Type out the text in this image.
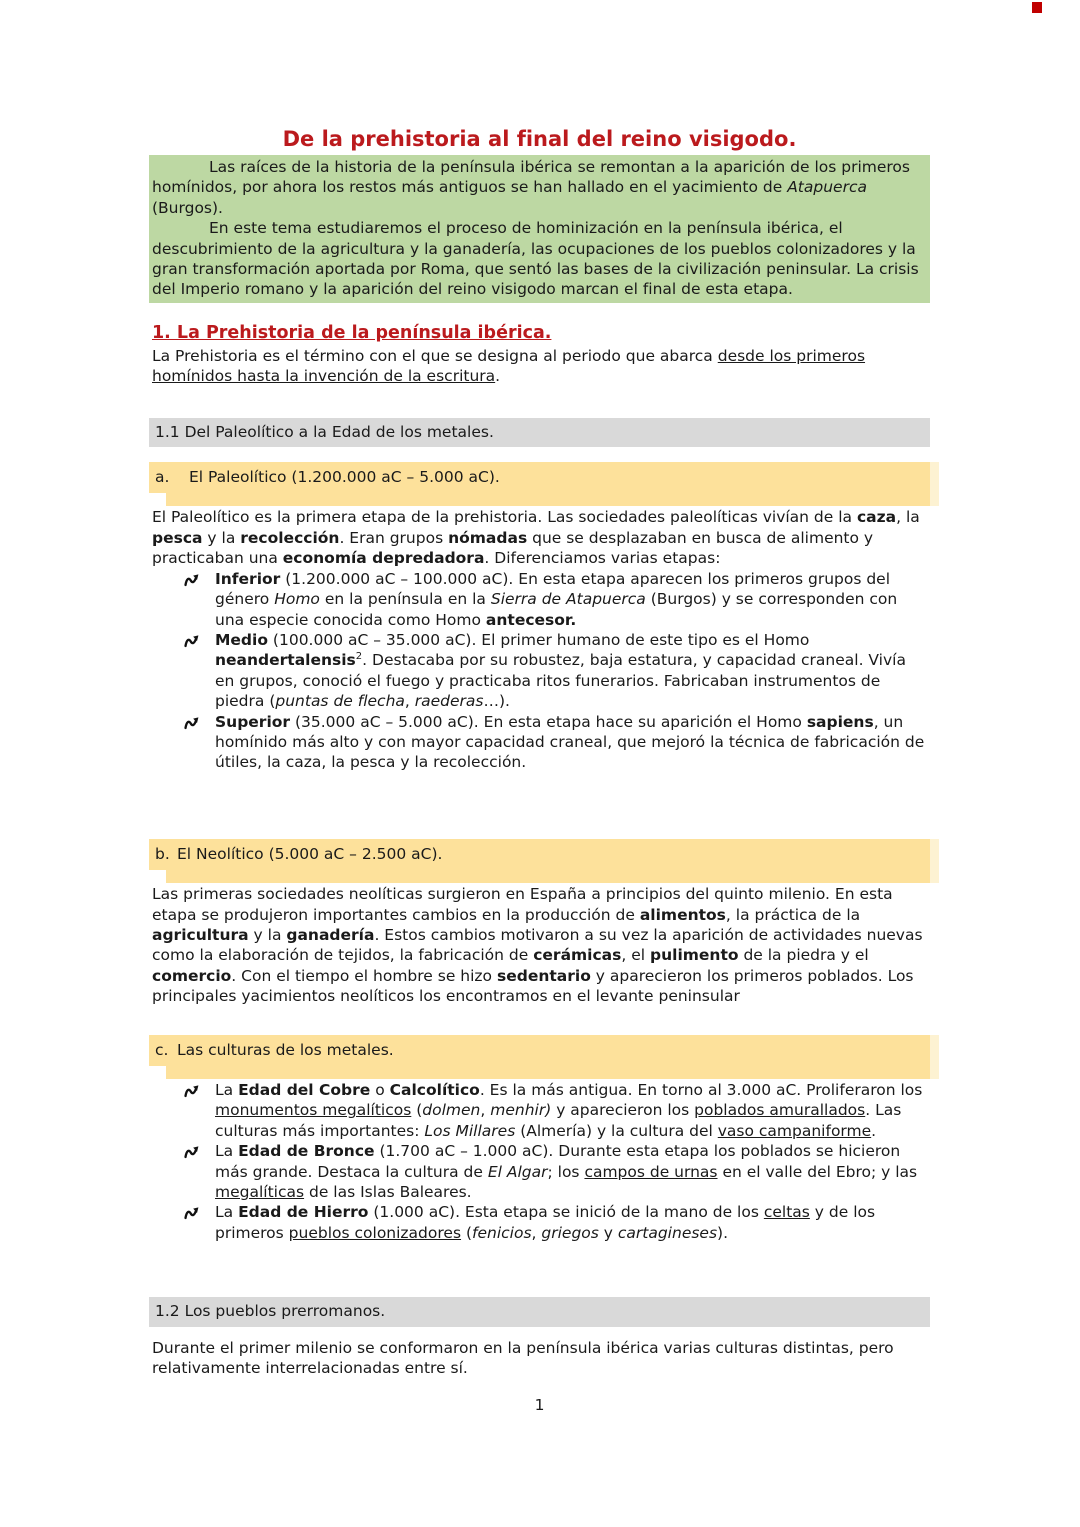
De la prehistoria al final del reino visigodo.

Las raíces de la historia de la península ibérica se remontan a la aparición de los primeros homínidos, por ahora los restos más antiguos se han hallado en el yacimiento de Atapuerca (Burgos).

En este tema estudiaremos el proceso de hominización en la península ibérica, el descubrimiento de la agricultura y la ganadería, las ocupaciones de los pueblos colonizadores y la gran transformación aportada por Roma, que sentó las bases de la civilización peninsular. La crisis del Imperio romano y la aparición del reino visigodo marcan el final de esta etapa.

1. La Prehistoria de la península ibérica.

La Prehistoria es el término con el que se designa al periodo que abarca desde los primeros homínidos hasta la invención de la escritura.

1.1 Del Paleolítico a la Edad de los metales.
a. El Paleolítico (1.200.000 aC – 5.000 aC).

El Paleolítico es la primera etapa de la prehistoria. Las sociedades paleolíticas vivían de la caza, la pesca y la recolección. Eran grupos nómadas que se desplazaban en busca de alimento y practicaban una economía depredadora. Diferenciamos varias etapas:

Inferior (1.200.000 aC – 100.000 aC). En esta etapa aparecen los primeros grupos del género Homo en la península en la Sierra de Atapuerca (Burgos) y se corresponden con una especie conocida como Homo antecesor.
Medio (100.000 aC – 35.000 aC). El primer humano de este tipo es el Homo neandertalensis$^2$. Destacaba por su robustez, baja estatura, y capacidad craneal. Vivía en grupos, conoció el fuego y practicaba ritos funerarios. Fabricaban instrumentos de piedra (puntas de flecha, raederas…).
Superior (35.000 aC – 5.000 aC). En esta etapa hace su aparición el Homo sapiens, un homínido más alto y con mayor capacidad craneal, que mejoró la técnica de fabricación de útiles, la caza, la pesca y la recolección.
b. El Neolítico (5.000 aC – 2.500 aC).

Las primeras sociedades neolíticas surgieron en España a principios del quinto milenio. En esta etapa se produjeron importantes cambios en la producción de alimentos, la práctica de la agricultura y la ganadería. Estos cambios motivaron a su vez la aparición de actividades nuevas como la elaboración de tejidos, la fabricación de cerámicas, el pulimento de la piedra y el comercio. Con el tiempo el hombre se hizo sedentario y aparecieron los primeros poblados. Los principales yacimientos neolíticos los encontramos en el levante peninsular

c. Las culturas de los metales.
La Edad del Cobre o Calcolítico. Es la más antigua. En torno al 3.000 aC. Proliferaron los monumentos megalíticos (dolmen, menhir) y aparecieron los poblados amurallados. Las culturas más importantes: Los Millares (Almería) y la cultura del vaso campaniforme.
La Edad de Bronce (1.700 aC – 1.000 aC). Durante esta etapa los poblados se hicieron más grande. Destaca la cultura de El Algar; los campos de urnas en el valle del Ebro; y las megalíticas de las Islas Baleares.
La Edad de Hierro (1.000 aC). Esta etapa se inició de la mano de los celtas y de los primeros pueblos colonizadores (fenicios, griegos y cartagineses).
1.2 Los pueblos prerromanos.

Durante el primer milenio se conformaron en la península ibérica varias culturas distintas, pero relativamente interrelacionadas entre sí.

1
